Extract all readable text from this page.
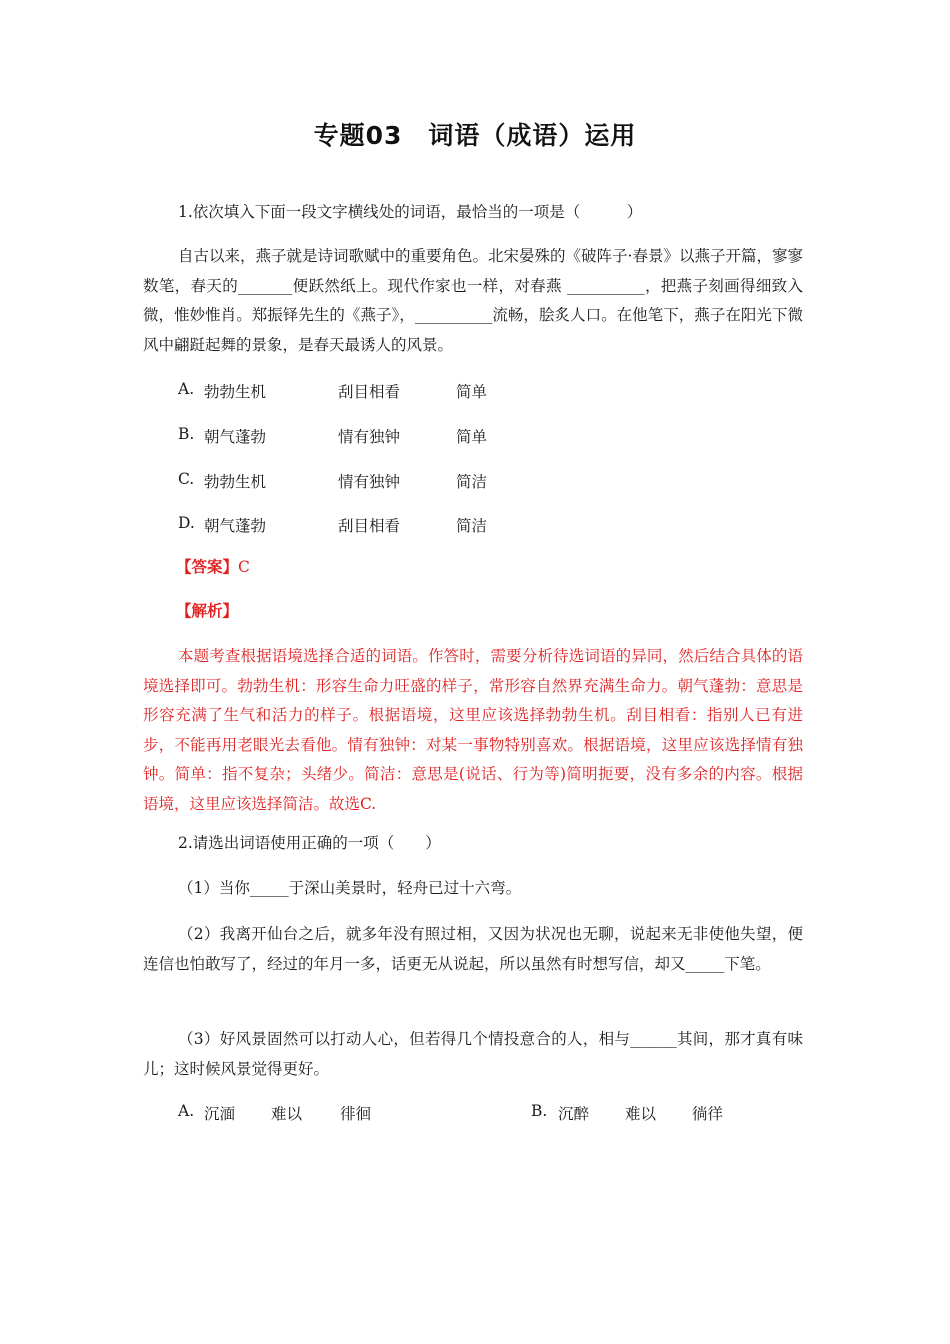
专题03　词语（成语）运用
1.依次填入下面一段文字横线处的词语，最恰当的一项是（　　　）
自古以来，燕子就是诗词歌赋中的重要角色。北宋晏殊的《破阵子·春景》以燕子开篇，寥寥数笔，春天的_______便跃然纸上。现代作家也一样，对春燕 __________，把燕子刻画得细致入微，惟妙惟肖。郑振铎先生的《燕子》，__________流畅，脍炙人口。在他笔下，燕子在阳光下微风中翩跹起舞的景象，是春天最诱人的风景。
A. 勃勃生机	刮目相看	简单
B. 朝气蓬勃	情有独钟	简单
C. 勃勃生机	情有独钟	简洁
D. 朝气蓬勃	刮目相看	简洁
【答案】C
【解析】
本题考查根据语境选择合适的词语。作答时，需要分析待选词语的异同，然后结合具体的语境选择即可。勃勃生机：形容生命力旺盛的样子，常形容自然界充满生命力。朝气蓬勃：意思是形容充满了生气和活力的样子。根据语境，这里应该选择勃勃生机。刮目相看：指别人已有进步，不能再用老眼光去看他。情有独钟：对某一事物特别喜欢。根据语境，这里应该选择情有独钟。简单：指不复杂；头绪少。简洁：意思是(说话、行为等)简明扼要，没有多余的内容。根据语境，这里应该选择简洁。故选C.
2.请选出词语使用正确的一项（　　）
（1）当你_____于深山美景时，轻舟已过十六弯。
（2）我离开仙台之后，就多年没有照过相，又因为状况也无聊，说起来无非使他失望，便连信也怕敢写了，经过的年月一多，话更无从说起，所以虽然有时想写信，却又_____下笔。
（3）好风景固然可以打动人心，但若得几个情投意合的人，相与______其间，那才真有味儿；这时候风景觉得更好。
A. 沉湎 难以 徘徊	B. 沉醉 难以 徜徉
